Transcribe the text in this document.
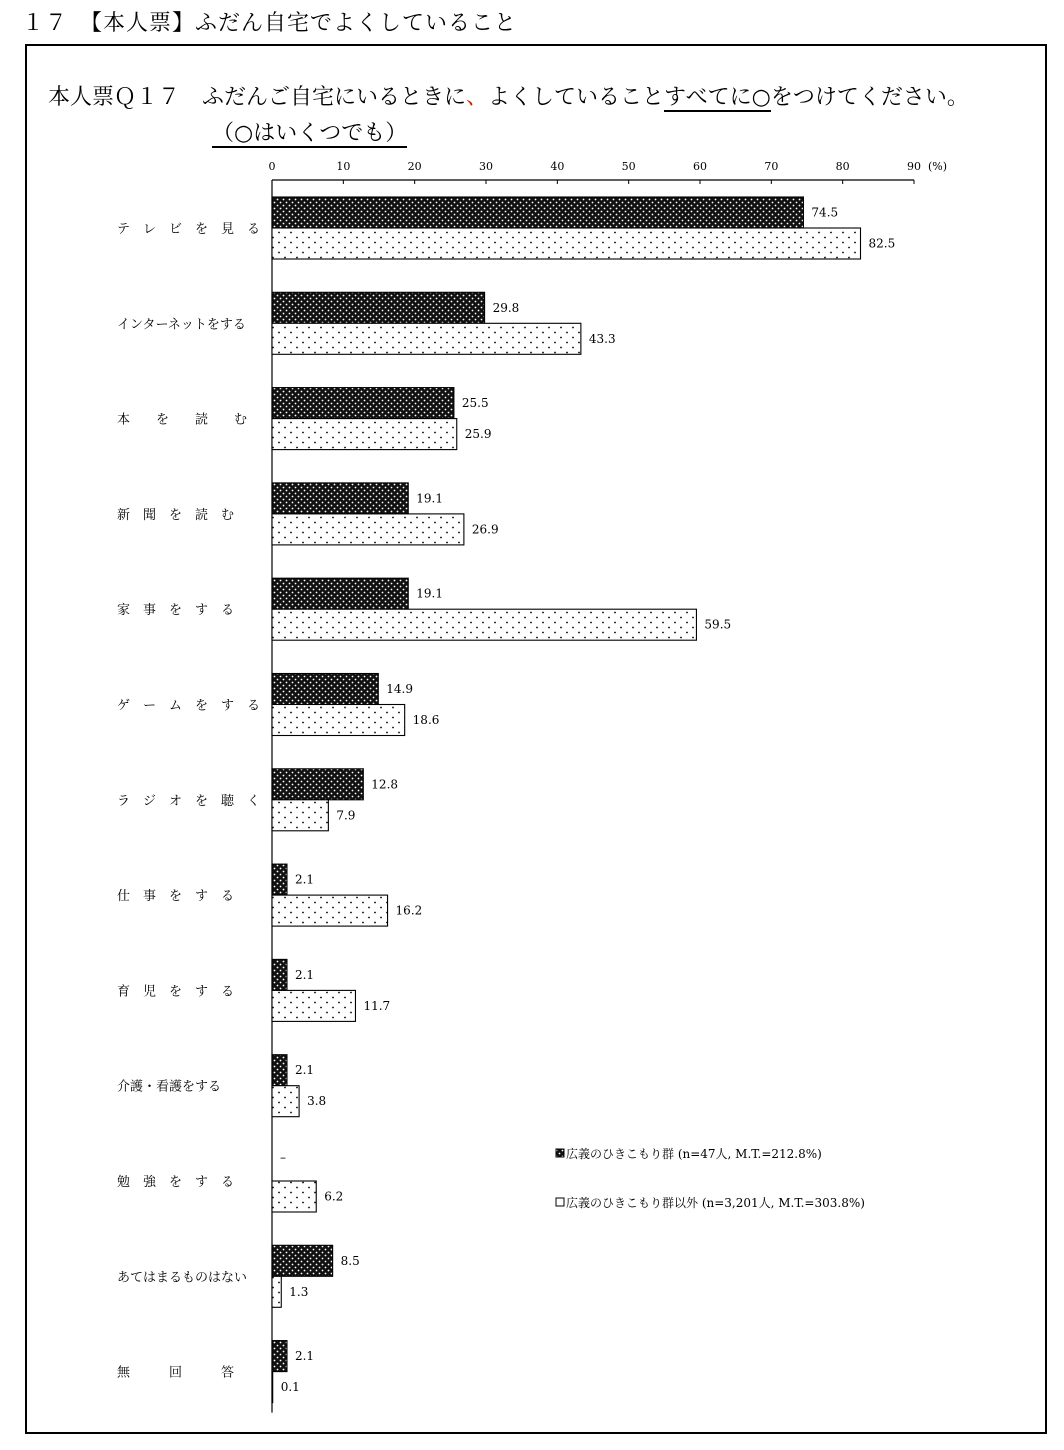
１７　【本人票】ふだん自宅でよくしていること
本人票Ｑ１７　ふだんご自宅にいるときに、よくしていることすべてに○をつけてください。
（○はいくつでも）
0	10	20	30	40	50	60	70	80	90 (%)
74.5
82.5
29.8
43.3
25.5
25.9
19.1
26.9
19.1
59.5
14.9
18.6
12.8
7.9
2.1
16.2
2.1
11.7
2.1
3.8
–
6.2
8.5
1.3
2.1
0.1
テ　レ　ビ　を　見　る
インターネットをする
本　　を　　読　　む
新　聞　を　読　む
家　事　を　す　る
ゲ　ー　ム　を　す　る
ラ　ジ　オ　を　聴　く
仕　事　を　す　る
育　児　を　す　る
介護・看護をする
勉　強　を　す　る
あてはまるものはない
無　　　回　　　答
広義のひきこもり群 (n=47人, M.T.=212.8%)
広義のひきこもり群以外 (n=3,201人, M.T.=303.8%)
